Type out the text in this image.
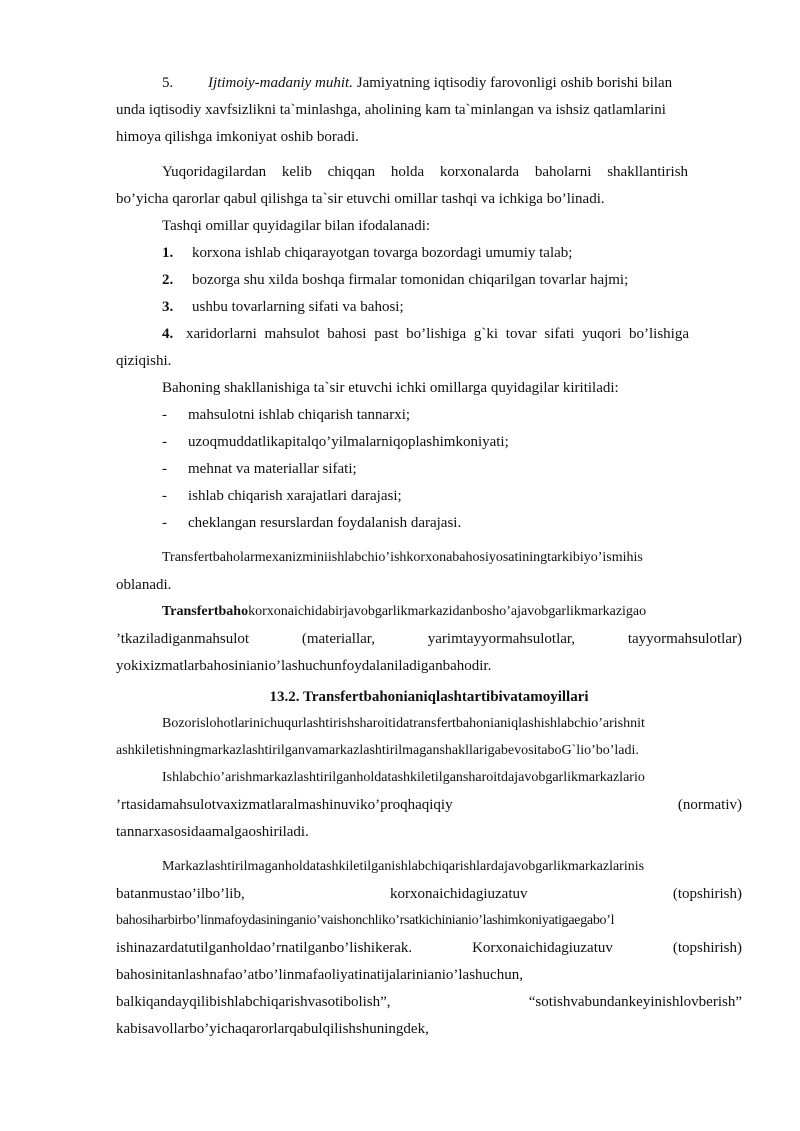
5. Ijtimoiy-madaniy muhit. Jamiyatning iqtisodiy farovonligi oshib borishi bilan
unda iqtisodiy xavfsizlikni ta`minlashga, aholining kam ta`minlangan va ishsiz qatlamlarini
himoya qilishga imkoniyat oshib boradi.
Yuqoridagilardan kelib chiqqan holda korxonalarda baholarni shakllantirish
bo’yicha qarorlar qabul qilishga ta`sir etuvchi omillar tashqi va ichkiga bo’linadi.
Tashqi omillar quyidagilar bilan ifodalanadi:
1. korxona ishlab chiqarayotgan tovarga bozordagi umumiy talab;
2. bozorga shu xilda boshqa firmalar tomonidan chiqarilgan tovarlar hajmi;
3. ushbu tovarlarning sifati va bahosi;
4. xaridorlarni mahsulot bahosi past bo’lishiga g`ki tovar sifati yuqori bo’lishiga
qiziqishi.
Bahoning shakllanishiga ta`sir etuvchi ichki omillarga quyidagilar kiritiladi:
- mahsulotni ishlab chiqarish tannarxi;
- uzoqmuddatlikapitalqo’yilmalarniqoplashimkoniyati;
- mehnat va materiallar sifati;
- ishlab chiqarish xarajatlari darajasi;
- cheklangan resurslardan foydalanish darajasi.
Transfertbaholarmexanizminiishlabchio’ishkorxonabahosiyosatiningtarkibiyo’ismihis
oblanadi.
Transfertbahokorxonaichidabirjavobgarlikmarkazidanbosho’ajavobgarlikmarkazigao
’tkaziladiganmahsulot	(materiallar,	yarimtayyormahsulotlar,	tayyormahsulotlar)
yokixizmatlarbahosinianio’lashuchunfoydalaniladiganbahodir.
13.2. Transfertbahonianiqlashtartibivatamoyillari
Bozorislohotlarinichuqurlashtirishsharoitidatransfertbahonianiqlashishlabchio’arishnit
ashkiletishningmarkazlashtirilganvamarkazlashtirilmaganshakllarigabevositaboG`lio’bo’ladi.
Ishlabchio’arishmarkazlashtirilganholdatashkiletilgansharoitdajavobgarlikmarkazlario
’rtasidamahsulotvaxizmatlaralmashinuviko’proqhaqiqiy	(normativ)
tannarxasosidaamalgaoshiriladi.
Markazlashtirilmaganholdatashkiletilganishlabchiqarishlardajavobgarlikmarkazlarinis
batanmustao’ilbo’lib,	korxonaichidagiuzatuv	(topshirish)
bahosiharbirbo’linmafoydasininganio’vaishonchliko’rsatkichinianio’lashimkoniyatigaegabo’l
ishinazardatutilganholdao’rnatilganbo’lishikerak.	Korxonaichidagiuzatuv	(topshirish)
bahosinitanlashnafao’atbo’linmafaoliyatinatijalarinianio’lashuchun,
balkiqandayqilibishlabchiqarishvasotibolish”,	“sotishvabundankeyinishlovberish”
kabisavollarbo’yichaqarorlarqabulqilishshuningdek,
